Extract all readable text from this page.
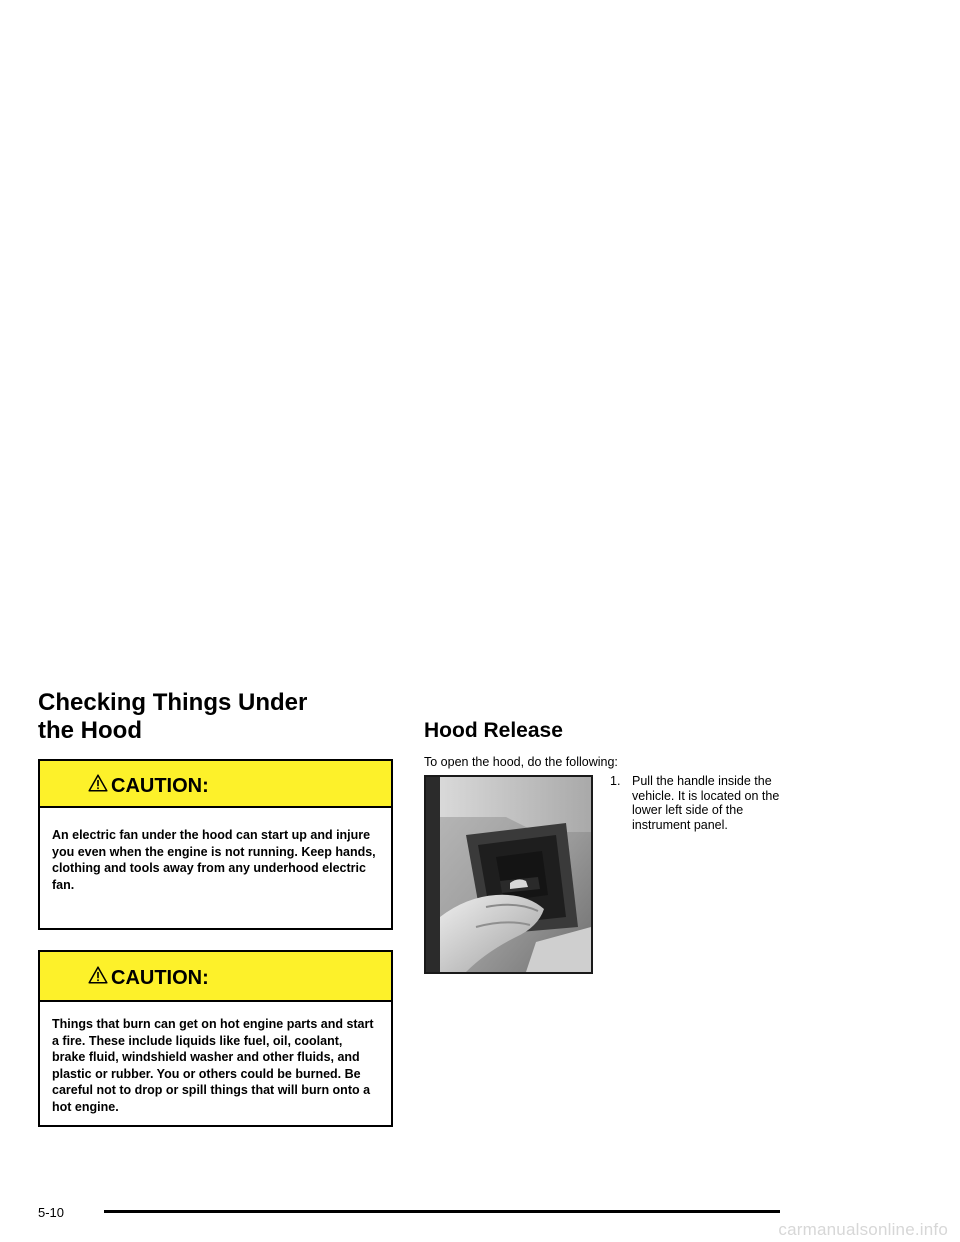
Checking Things Under
the Hood
CAUTION:

An electric fan under the hood can start up and injure you even when the engine is not running. Keep hands, clothing and tools away from any underhood electric fan.

CAUTION:

Things that burn can get on hot engine parts and start a fire. These include liquids like fuel, oil, coolant, brake fluid, windshield washer and other fluids, and plastic or rubber. You or others could be burned. Be careful not to drop or spill things that will burn onto a hot engine.

Hood Release
To open the hood, do the following:
1. Pull the handle inside the vehicle. It is located on the lower left side of the instrument panel.
5-10
carmanualsonline.info
